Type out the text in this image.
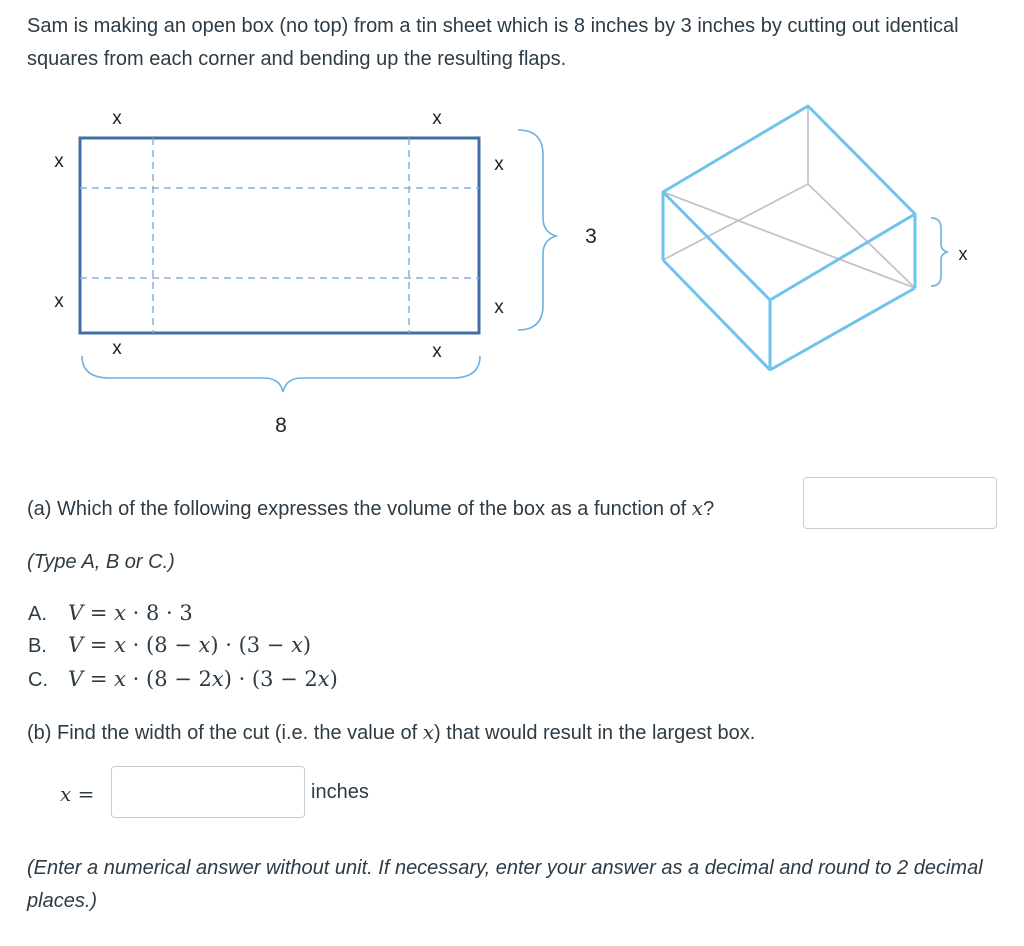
Sam is making an open box (no top) from a tin sheet which is 8 inches by 3 inches by cutting out identical squares from each corner and bending up the resulting flaps.
x	x
x
x
x
x
x	x
8
3
x
(a) Which of the following expresses the volume of the box as a function of x?
(Type A, B or C.)
A. V = x · 8 · 3
B. V = x · (8 − x) · (3 − x)
C. V = x · (8 − 2x) · (3 − 2x)
(b) Find the width of the cut (i.e. the value of x) that would result in the largest box.
x =	inches
(Enter a numerical answer without unit. If necessary, enter your answer as a decimal and round to 2 decimal places.)
